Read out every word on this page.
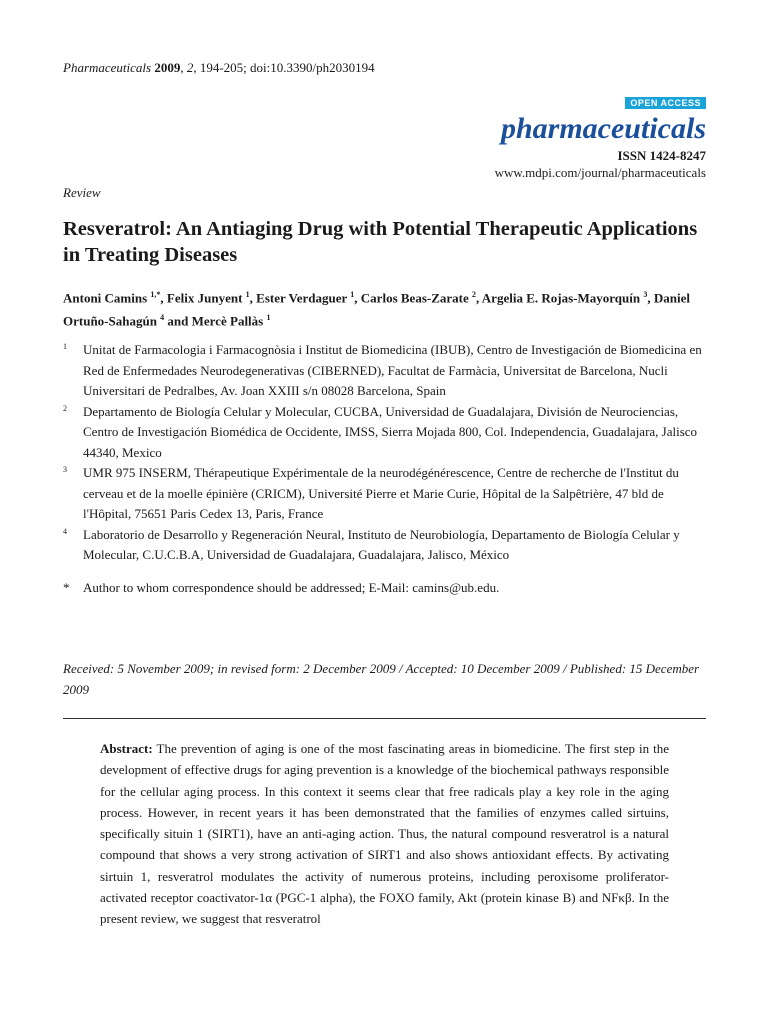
Pharmaceuticals 2009, 2, 194-205; doi:10.3390/ph2030194
OPEN ACCESS
pharmaceuticals
ISSN 1424-8247
www.mdpi.com/journal/pharmaceuticals
Review
Resveratrol: An Antiaging Drug with Potential Therapeutic Applications in Treating Diseases
Antoni Camins $^{1,*}$, Felix Junyent $^1$, Ester Verdaguer $^1$, Carlos Beas-Zarate $^2$, Argelia E. Rojas-Mayorquín $^3$, Daniel Ortuño-Sahagún $^4$ and Mercè Pallàs $^1$
1 Unitat de Farmacologia i Farmacognòsia i Institut de Biomedicina (IBUB), Centro de Investigación de Biomedicina en Red de Enfermedades Neurodegenerativas (CIBERNED), Facultat de Farmàcia, Universitat de Barcelona, Nucli Universitari de Pedralbes, Av. Joan XXIII s/n 08028 Barcelona, Spain
2 Departamento de Biología Celular y Molecular, CUCBA, Universidad de Guadalajara, División de Neurociencias, Centro de Investigación Biomédica de Occidente, IMSS, Sierra Mojada 800, Col. Independencia, Guadalajara, Jalisco 44340, Mexico
3 UMR 975 INSERM, Thérapeutique Expérimentale de la neurodégénérescence, Centre de recherche de l'Institut du cerveau et de la moelle épinière (CRICM), Université Pierre et Marie Curie, Hôpital de la Salpêtrière, 47 bld de l'Hôpital, 75651 Paris Cedex 13, Paris, France
4 Laboratorio de Desarrollo y Regeneración Neural, Instituto de Neurobiología, Departamento de Biología Celular y Molecular, C.U.C.B.A, Universidad de Guadalajara, Guadalajara, Jalisco, México
* Author to whom correspondence should be addressed; E-Mail: camins@ub.edu.
Received: 5 November 2009; in revised form: 2 December 2009 / Accepted: 10 December 2009 / Published: 15 December 2009
Abstract: The prevention of aging is one of the most fascinating areas in biomedicine. The first step in the development of effective drugs for aging prevention is a knowledge of the biochemical pathways responsible for the cellular aging process. In this context it seems clear that free radicals play a key role in the aging process. However, in recent years it has been demonstrated that the families of enzymes called sirtuins, specifically situin 1 (SIRT1), have an anti-aging action. Thus, the natural compound resveratrol is a natural compound that shows a very strong activation of SIRT1 and also shows antioxidant effects. By activating sirtuin 1, resveratrol modulates the activity of numerous proteins, including peroxisome proliferator-activated receptor coactivator-1α (PGC-1 alpha), the FOXO family, Akt (protein kinase B) and NFκβ. In the present review, we suggest that resveratrol
